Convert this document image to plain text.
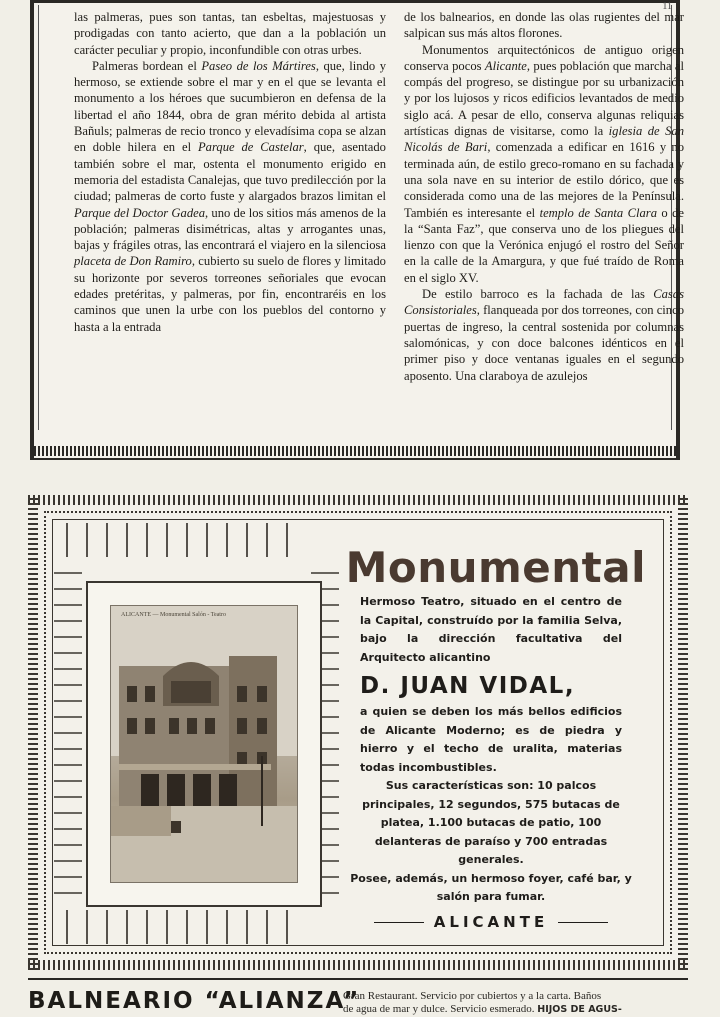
11

las palmeras, pues son tantas, tan esbeltas, majestuosas y prodigadas con tanto acierto, que dan a la población un carácter peculiar y propio, inconfundible con otras urbes.

Palmeras bordean el Paseo de los Mártires, que, lindo y hermoso, se extiende sobre el mar y en el que se levanta el monumento a los héroes que sucumbieron en defensa de la libertad el año 1844, obra de gran mérito debida al artista Bañuls; palmeras de recio tronco y elevadísima copa se alzan en doble hilera en el Parque de Castelar, que, asentado también sobre el mar, ostenta el monumento erigido en memoria del estadista Canalejas, que tuvo predilección por la ciudad; palmeras de corto fuste y alargados brazos limitan el Parque del Doctor Gadea, uno de los sitios más amenos de la población; palmeras disimétricas, altas y arrogantes unas, bajas y frágiles otras, las encontrará el viajero en la silenciosa placeta de Don Ramiro, cubierto su suelo de flores y limitado su horizonte por severos torreones señoriales que evocan edades pretéritas, y palmeras, por fin, encontraréis en los caminos que unen la urbe con los pueblos del contorno y hasta a la entrada

de los balnearios, en donde las olas rugientes del mar salpican sus más altos florones.

Monumentos arquitectónicos de antiguo origen conserva pocos Alicante, pues población que marcha al compás del progreso, se distingue por su urbanización y por los lujosos y ricos edificios levantados de medio siglo acá. A pesar de ello, conserva algunas reliquias artísticas dignas de visitarse, como la iglesia de San Nicolás de Bari, comenzada a edificar en 1616 y no terminada aún, de estilo greco-romano en su fachada y una sola nave en su interior de estilo dórico, que es considerada como una de las mejores de la Península. También es interesante el templo de Santa Clara o de la “Santa Faz”, que conserva uno de los pliegues del lienzo con que la Verónica enjugó el rostro del Señor en la calle de la Amargura, y que fué traído de Roma en el siglo XV.

De estilo barroco es la fachada de las Casas Consistoriales, flanqueada por dos torreones, con cinco puertas de ingreso, la central sostenida por columnas salomónicas, y con doce balcones idénticos en el primer piso y doce ventanas iguales en el segundo aposento. Una claraboya de azulejos

ALICANTE — Monumental Salón - Teatro
Monumental

Hermoso Teatro, situado en el centro de la Capital, construído por la familia Selva, bajo la dirección facultativa del Arquitecto alicantino

D. JUAN VIDAL,

a quien se deben los más bellos edificios de Alicante Moderno; es de piedra y hierro y el techo de uralita, materias todas incombustibles.

Sus características son: 10 palcos principales, 12 segundos, 575 butacas de platea, 1.100 butacas de patio, 100 delanteras de paraíso y 700 entradas generales.

Posee, además, un hermoso foyer, café bar, y salón para fumar.

ALICANTE
BALNEARIO “ALIANZA”
Gran Restaurant. Servicio por cubiertos y a la carta. Baños
de agua de mar y dulce. Servicio esmerado. HIJOS DE AGUS-
